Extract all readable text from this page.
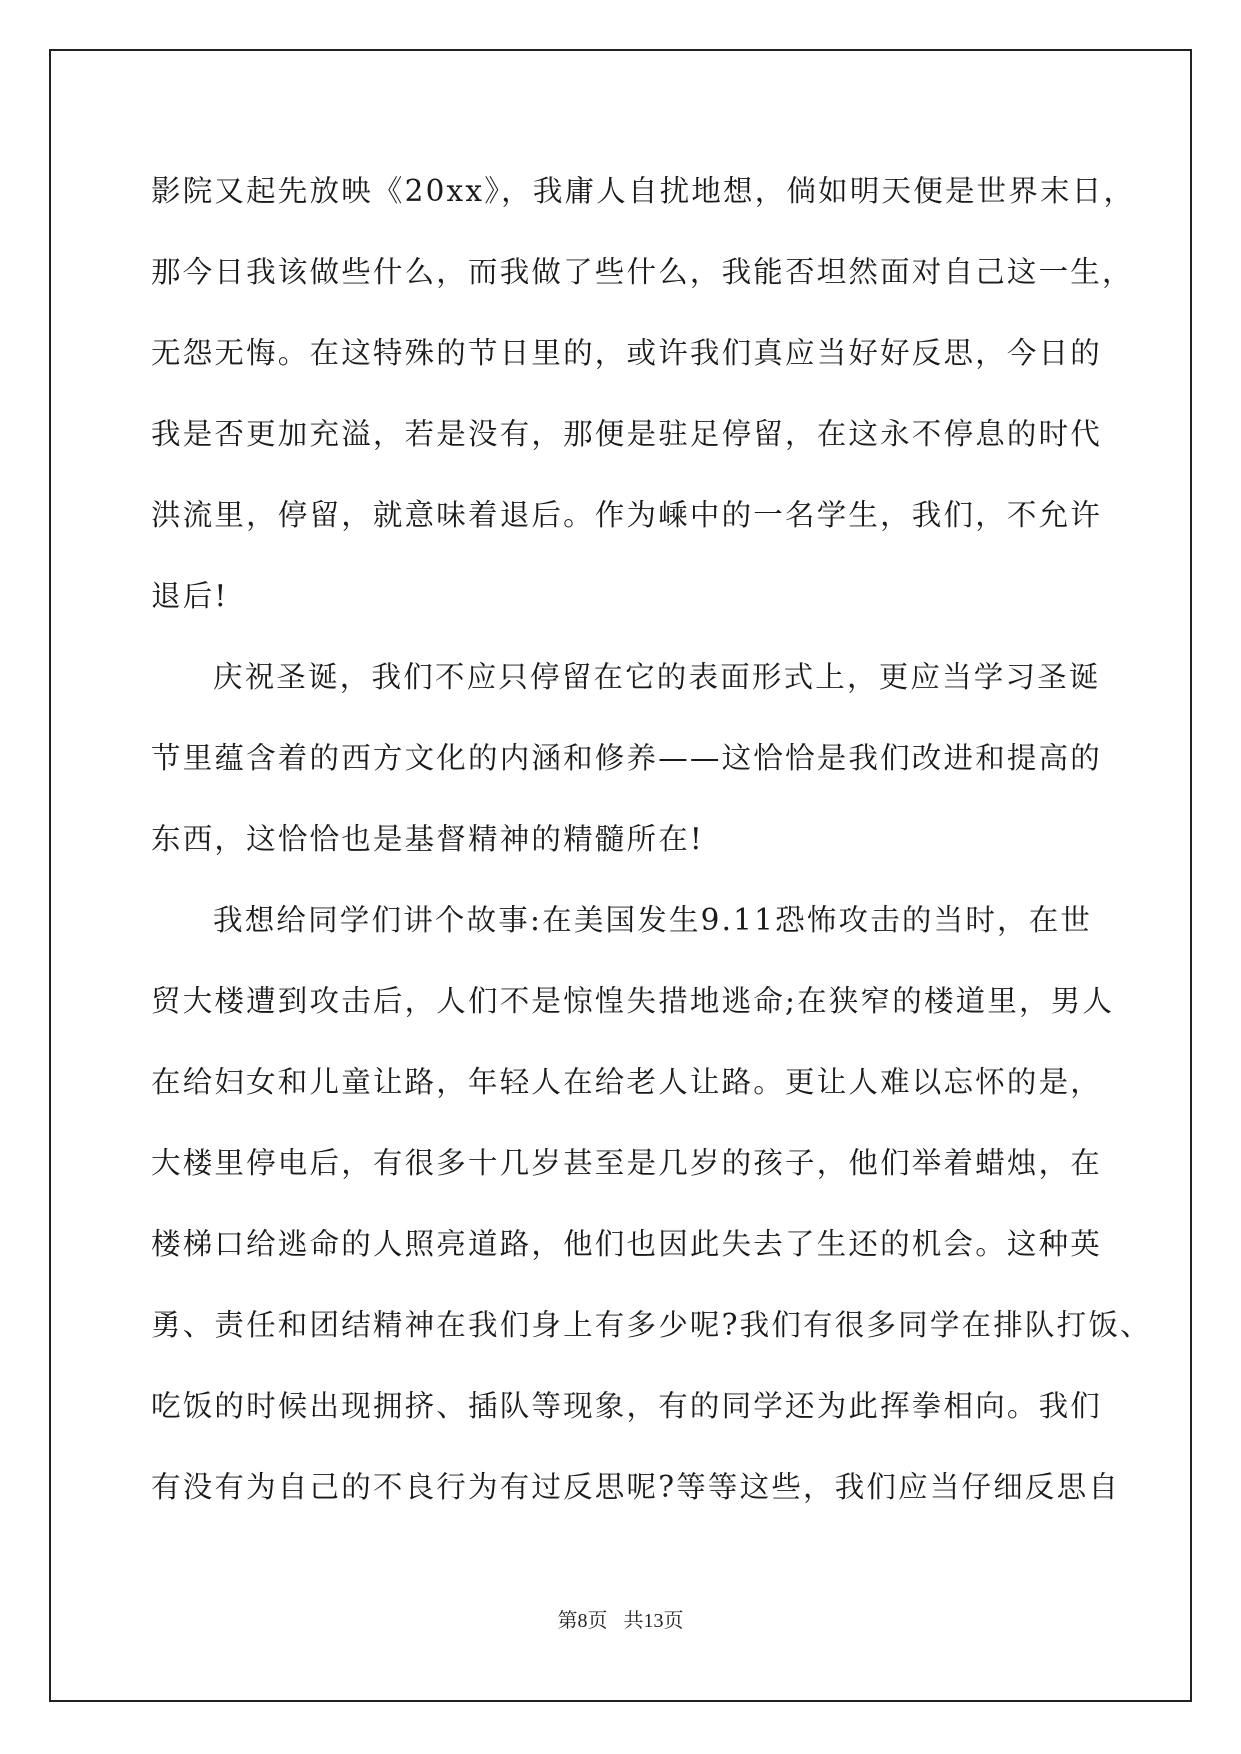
影院又起先放映《20xx》，我庸人自扰地想，倘如明天便是世界末日，
那今日我该做些什么，而我做了些什么，我能否坦然面对自己这一生，
无怨无悔。在这特殊的节日里的，或许我们真应当好好反思，今日的
我是否更加充溢，若是没有，那便是驻足停留，在这永不停息的时代
洪流里，停留，就意味着退后。作为嵊中的一名学生，我们，不允许
退后!
庆祝圣诞，我们不应只停留在它的表面形式上，更应当学习圣诞
节里蕴含着的西方文化的内涵和修养——这恰恰是我们改进和提高的
东西，这恰恰也是基督精神的精髓所在!
我想给同学们讲个故事:在美国发生9.11恐怖攻击的当时，在世
贸大楼遭到攻击后，人们不是惊惶失措地逃命;在狭窄的楼道里，男人
在给妇女和儿童让路，年轻人在给老人让路。更让人难以忘怀的是，
大楼里停电后，有很多十几岁甚至是几岁的孩子，他们举着蜡烛，在
楼梯口给逃命的人照亮道路，他们也因此失去了生还的机会。这种英
勇、责任和团结精神在我们身上有多少呢?我们有很多同学在排队打饭、
吃饭的时候出现拥挤、插队等现象，有的同学还为此挥拳相向。我们
有没有为自己的不良行为有过反思呢?等等这些，我们应当仔细反思自
第8页 共13页
